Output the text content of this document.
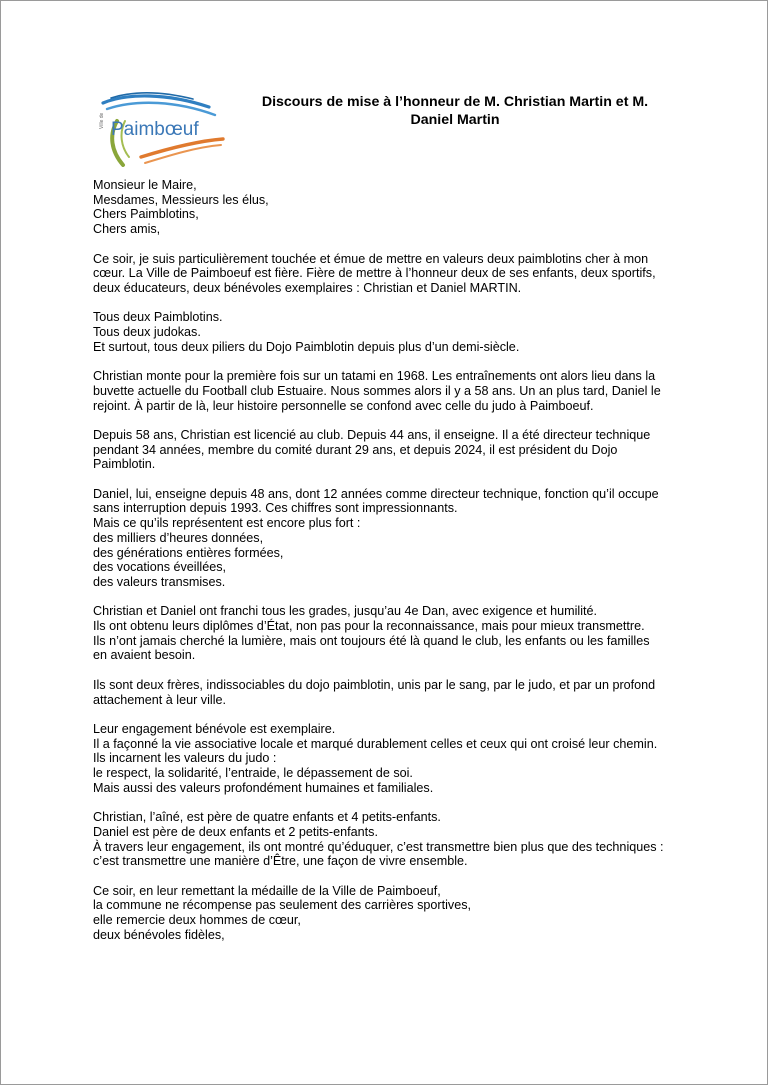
Ville de Paimbœuf
Discours de mise à l’honneur de M. Christian Martin et M.
Daniel Martin
Monsieur le Maire,
Mesdames, Messieurs les élus,
Chers Paimblotins,
Chers amis,
Ce soir, je suis particulièrement touchée et émue de mettre en valeurs deux paimblotins cher à mon
cœur. La Ville de Paimboeuf est fière. Fière de mettre à l’honneur deux de ses enfants, deux sportifs,
deux éducateurs, deux bénévoles exemplaires : Christian et Daniel MARTIN.
Tous deux Paimblotins.
Tous deux judokas.
Et surtout, tous deux piliers du Dojo Paimblotin depuis plus d’un demi-siècle.
Christian monte pour la première fois sur un tatami en 1968. Les entraînements ont alors lieu dans la
buvette actuelle du Football club Estuaire. Nous sommes alors il y a 58 ans. Un an plus tard, Daniel le
rejoint. À partir de là, leur histoire personnelle se confond avec celle du judo à Paimboeuf.
Depuis 58 ans, Christian est licencié au club. Depuis 44 ans, il enseigne. Il a été directeur technique
pendant 34 années, membre du comité durant 29 ans, et depuis 2024, il est président du Dojo
Paimblotin.
Daniel, lui, enseigne depuis 48 ans, dont 12 années comme directeur technique, fonction qu’il occupe
sans interruption depuis 1993. Ces chiffres sont impressionnants.
Mais ce qu’ils représentent est encore plus fort :
des milliers d’heures données,
des générations entières formées,
des vocations éveillées,
des valeurs transmises.
Christian et Daniel ont franchi tous les grades, jusqu’au 4e Dan, avec exigence et humilité.
Ils ont obtenu leurs diplômes d’État, non pas pour la reconnaissance, mais pour mieux transmettre.
Ils n’ont jamais cherché la lumière, mais ont toujours été là quand le club, les enfants ou les familles
en avaient besoin.
Ils sont deux frères, indissociables du dojo paimblotin, unis par le sang, par le judo, et par un profond
attachement à leur ville.
Leur engagement bénévole est exemplaire.
Il a façonné la vie associative locale et marqué durablement celles et ceux qui ont croisé leur chemin.
Ils incarnent les valeurs du judo :
le respect, la solidarité, l’entraide, le dépassement de soi.
Mais aussi des valeurs profondément humaines et familiales.
Christian, l’aîné, est père de quatre enfants et 4 petits-enfants.
Daniel est père de deux enfants et 2 petits-enfants.
À travers leur engagement, ils ont montré qu’éduquer, c’est transmettre bien plus que des techniques :
c’est transmettre une manière d’Être, une façon de vivre ensemble.
Ce soir, en leur remettant la médaille de la Ville de Paimboeuf,
la commune ne récompense pas seulement des carrières sportives,
elle remercie deux hommes de cœur,
deux bénévoles fidèles,
